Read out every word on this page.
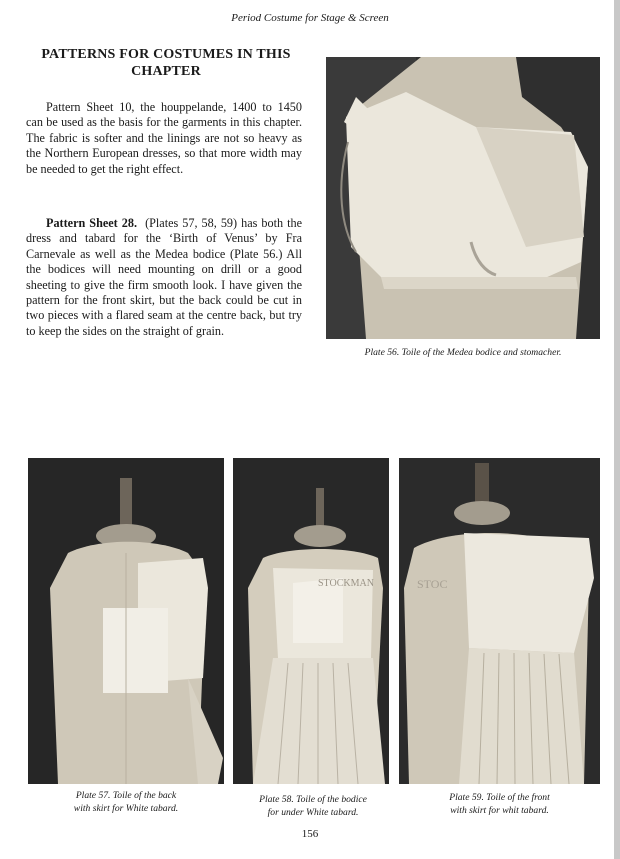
Period Costume for Stage & Screen
PATTERNS FOR COSTUMES IN THIS CHAPTER

Pattern Sheet 10, the houppelande, 1400 to 1450 can be used as the basis for the garments in this chapter. The fabric is softer and the linings are not so heavy as the Northern European dresses, so that more width may be needed to get the right effect.

Pattern Sheet 28. (Plates 57, 58, 59) has both the dress and tabard for the ‘Birth of Venus’ by Fra Carnevale as well as the Medea bodice (Plate 56.) All the bodices will need mounting on drill or a good sheeting to give the firm smooth look. I have given the pattern for the front skirt, but the back could be cut in two pieces with a flared seam at the centre back, but try to keep the sides on the straight of grain.

Plate 56. Toile of the Medea bodice and stomacher.
Plate 57. Toile of the back
with skirt for White tabard.
STOCKMAN
Plate 58. Toile of the bodice
for under White tabard.
STOC
Plate 59. Toile of the front
with skirt for whit tabard.
156
